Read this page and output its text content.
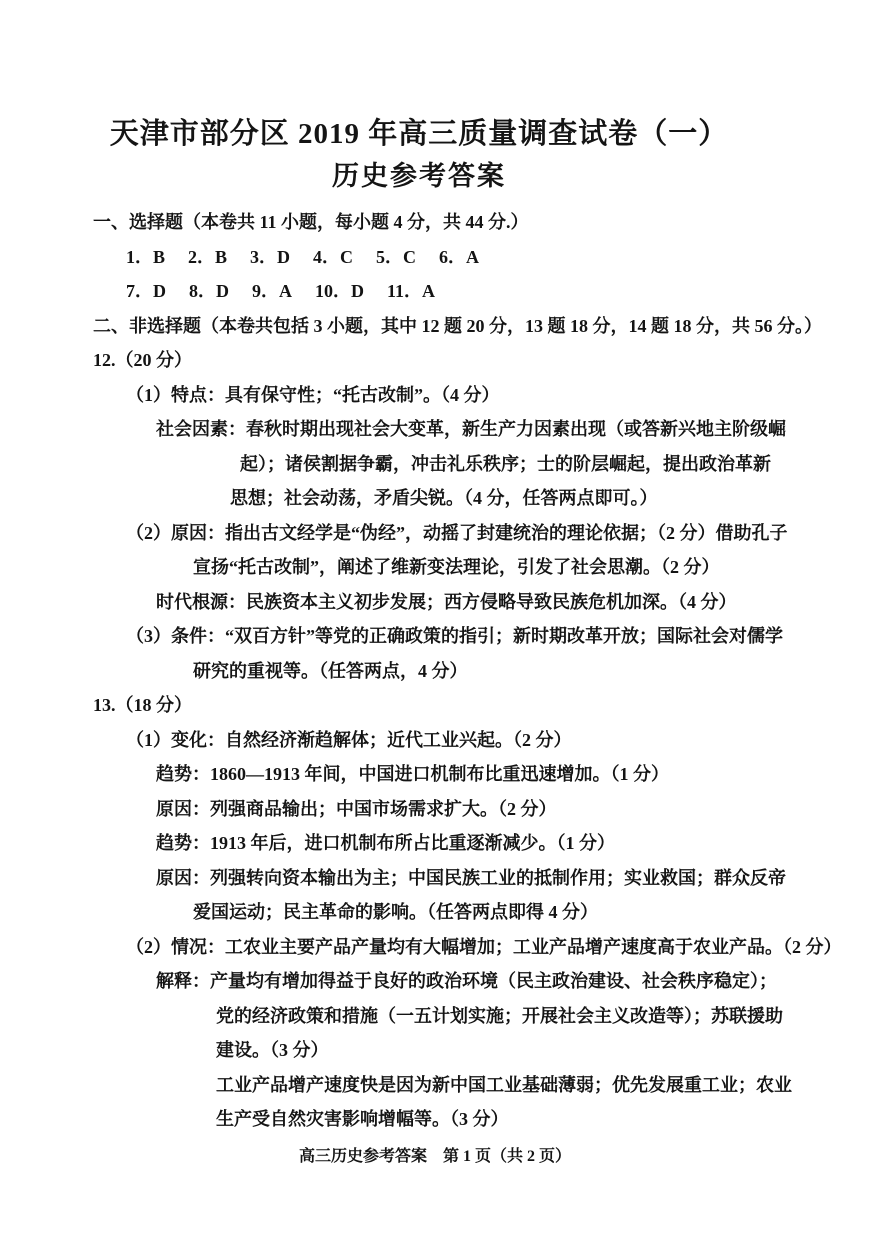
天津市部分区 2019 年高三质量调查试卷（一）
历史参考答案
一、选择题（本卷共 11 小题，每小题 4 分，共 44 分.）
1．B 2．B 3．D 4．C 5．C 6．A
7．D 8．D 9．A 10．D 11．A
二、非选择题（本卷共包括 3 小题，其中 12 题 20 分，13 题 18 分，14 题 18 分，共 56 分。）
12.（20 分）
（1）特点：具有保守性；“托古改制”。（4 分）
社会因素：春秋时期出现社会大变革，新生产力因素出现（或答新兴地主阶级崛
起）；诸侯割据争霸，冲击礼乐秩序；士的阶层崛起，提出政治革新
思想；社会动荡，矛盾尖锐。（4 分，任答两点即可。）
（2）原因：指出古文经学是“伪经”，动摇了封建统治的理论依据；（2 分）借助孔子
宣扬“托古改制”，阐述了维新变法理论，引发了社会思潮。（2 分）
时代根源：民族资本主义初步发展；西方侵略导致民族危机加深。（4 分）
（3）条件：“双百方针”等党的正确政策的指引；新时期改革开放；国际社会对儒学
研究的重视等。（任答两点，4 分）
13.（18 分）
（1）变化：自然经济渐趋解体；近代工业兴起。（2 分）
趋势：1860—1913 年间，中国进口机制布比重迅速增加。（1 分）
原因：列强商品输出；中国市场需求扩大。（2 分）
趋势：1913 年后，进口机制布所占比重逐渐减少。（1 分）
原因：列强转向资本输出为主；中国民族工业的抵制作用；实业救国；群众反帝
爱国运动；民主革命的影响。（任答两点即得 4 分）
（2）情况：工农业主要产品产量均有大幅增加；工业产品增产速度高于农业产品。（2 分）
解释：产量均有增加得益于良好的政治环境（民主政治建设、社会秩序稳定）；
党的经济政策和措施（一五计划实施；开展社会主义改造等）；苏联援助
建设。（3 分）
工业产品增产速度快是因为新中国工业基础薄弱；优先发展重工业；农业
生产受自然灾害影响增幅等。（3 分）
高三历史参考答案　第 1 页（共 2 页）
